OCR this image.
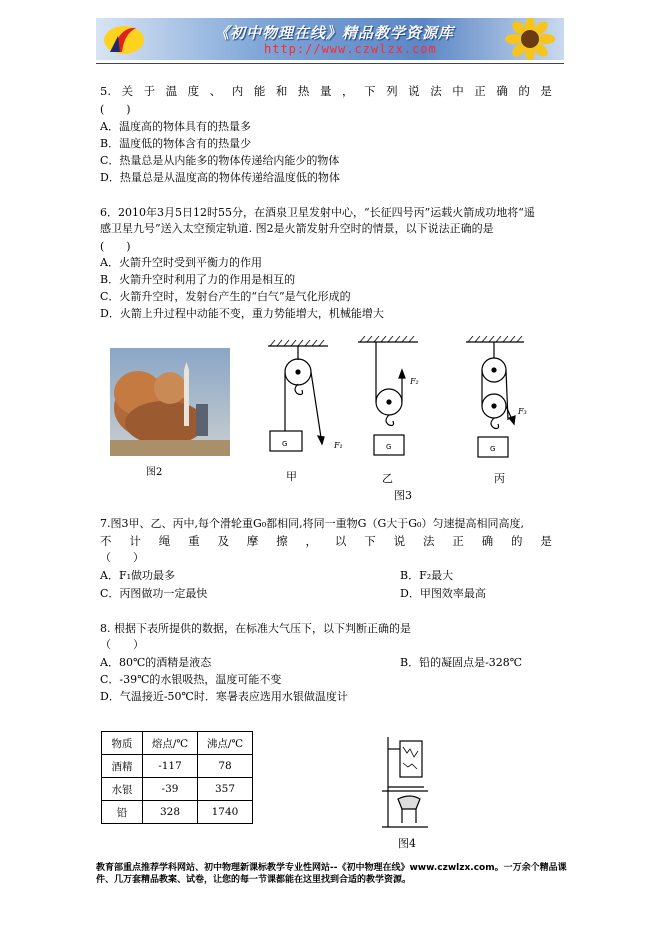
《初中物理在线》精品教学资源库
http://www.czwlzx.com
5. 关 于 温 度 、 内 能 和 热 量 ， 下 列 说 法 中 正 确 的 是
(　　)
A．温度高的物体具有的热量多
B．温度低的物体含有的热量少
C．热量总是从内能多的物体传递给内能少的物体
D．热量总是从温度高的物体传递给温度低的物体
6．2010年3月5日12时55分，在酒泉卫星发射中心，“长征四号丙”运载火箭成功地将“遥
感卫星九号”送入太空预定轨道. 图2是火箭发射升空时的情景，以下说法正确的是
(　　)
A．火箭升空时受到平衡力的作用
B．火箭升空时利用了力的作用是相互的
C．火箭升空时，发射台产生的“白气”是气化形成的
D．火箭上升过程中动能不变，重力势能增大，机械能增大
图2
G	F₁	G
F₂
G
F₃
甲	乙	丙
图3
7.图3甲、乙、丙中,每个滑轮重G₀都相同,将同一重物G（G大于G₀）匀速提高相同高度,
不 计 绳 重 及 摩 擦 ， 以 下 说 法 正 确 的 是
（　　）
A．F₁做功最多	B．F₂最大
C．丙图做功一定最快	D．甲图效率最高
8. 根据下表所提供的数据，在标准大气压下，以下判断正确的是
（　　）
A．80℃的酒精是液态	B．铅的凝固点是-328℃
C．-39℃的水银吸热，温度可能不变
D．气温接近-50℃时．寒暑表应选用水银做温度计
物质	熔点/℃	沸点/℃
酒精	-117	78
水银	-39	357
铅	328	1740
图4
教育部重点推荐学科网站、初中物理新课标教学专业性网站--《初中物理在线》www.czwlzx.com。一万余个精品课件、几万套精品教案、试卷，让您的每一节课都能在这里找到合适的教学资源。
